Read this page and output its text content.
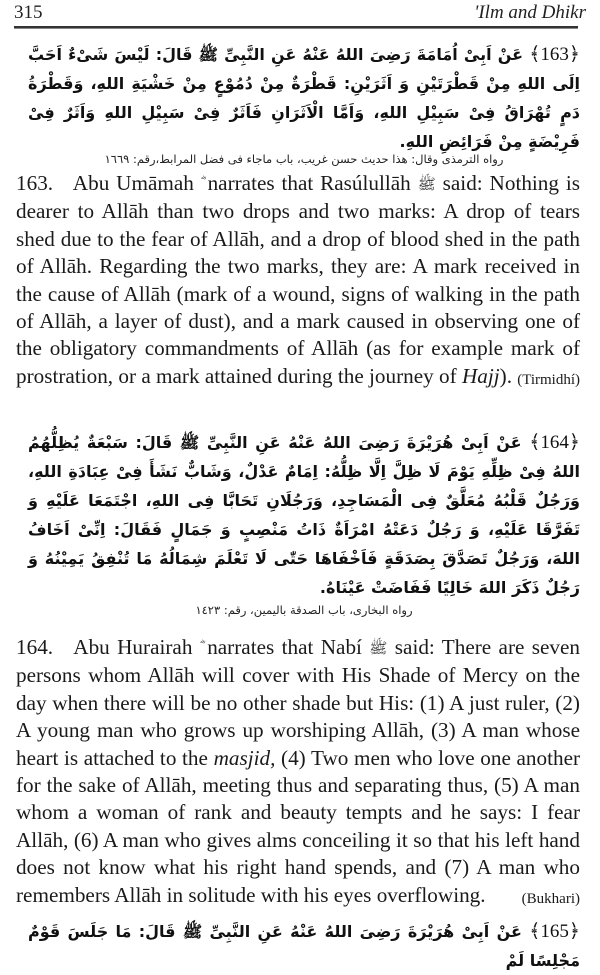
315	'Ilm and Dhikr
﴿163﴾ عَنْ اَبِیْ اُمَامَةَ رَضِیَ اللهُ عَنْهُ عَنِ النَّبِیِّ ﷺ قَالَ: لَیْسَ شَیْءٌ اَحَبَّ اِلَی اللهِ مِنْ قَطْرَتَیْنِ وَ اَثَرَیْنِ: قَطْرَةٌ مِنْ دُمُوْعٍ مِنْ خَشْیَةِ اللهِ، وَقَطْرَةُ دَمٍ تُهْرَاقُ فِیْ سَبِیْلِ اللهِ، وَاَمَّا الْاَثَرَانِ فَاَثَرٌ فِیْ سَبِیْلِ اللهِ وَاَثَرٌ فِیْ فَرِیْضَةٍ مِنْ فَرَائِضِ اللهِ.
رواه الترمذی وقال: هذا حدیث حسن غریب، باب ماجاء فی فضل المرابط،رقم: ١٦٦٩
163. Abu Umāmah narrates that Rasúlullāh ﷺ said: Nothing is dearer to Allāh than two drops and two marks: A drop of tears shed due to the fear of Allāh, and a drop of blood shed in the path of Allāh. Regarding the two marks, they are: A mark received in the cause of Allāh (mark of a wound, signs of walking in the path of Allāh, a layer of dust), and a mark caused in observing one of the obligatory commandments of Allāh (as for example mark of prostration, or a mark attained during the journey of Hajj). (Tirmidhí)
﴿164﴾ عَنْ اَبِیْ هُرَیْرَةَ رَضِیَ اللهُ عَنْهُ عَنِ النَّبِیِّ ﷺ قَالَ: سَبْعَةٌ یُظِلُّهُمُ اللهُ فِیْ ظِلِّهِ یَوْمَ لَا ظِلَّ اِلَّا ظِلُّهُ: اِمَامٌ عَدْلٌ، وَشَابٌّ نَشَأَ فِیْ عِبَادَةِ اللهِ، وَرَجُلٌ قَلْبُهُ مُعَلَّقٌ فِی الْمَسَاجِدِ، وَرَجُلَانِ تَحَابَّا فِی اللهِ، اجْتَمَعَا عَلَیْهِ وَ تَفَرَّقَا عَلَیْهِ، وَ رَجُلٌ دَعَتْهُ امْرَاَةٌ ذَاتُ مَنْصِبٍ وَ جَمَالٍ فَقَالَ: اِنِّیْ اَخَافُ اللهَ، وَرَجُلٌ تَصَدَّقَ بِصَدَقَةٍ فَاَخْفَاهَا حَتّٰی لَا تَعْلَمَ شِمَالُهُ مَا تُنْفِقُ یَمِیْنُهُ وَ رَجُلٌ ذَکَرَ اللهَ خَالِیًا فَفَاضَتْ عَیْنَاهُ.
رواه البخاری، باب الصدقة بالیمین، رقم: ١٤٢٣
164. Abu Hurairah narrates that Nabí ﷺ said: There are seven persons whom Allāh will cover with His Shade of Mercy on the day when there will be no other shade but His: (1) A just ruler, (2) A young man who grows up worshiping Allāh, (3) A man whose heart is attached to the masjid, (4) Two men who love one another for the sake of Allāh, meeting thus and separating thus, (5) A man whom a woman of rank and beauty tempts and he says: I fear Allāh, (6) A man who gives alms conceiling it so that his left hand does not know what his right hand spends, and (7) A man who remembers Allāh in solitude with his eyes overflowing. (Bukhari)
﴿165﴾ عَنْ اَبِیْ هُرَیْرَةَ رَضِیَ اللهُ عَنْهُ عَنِ النَّبِیِّ ﷺ قَالَ: مَا جَلَسَ قَوْمٌ مَجْلِسًا لَمْ
